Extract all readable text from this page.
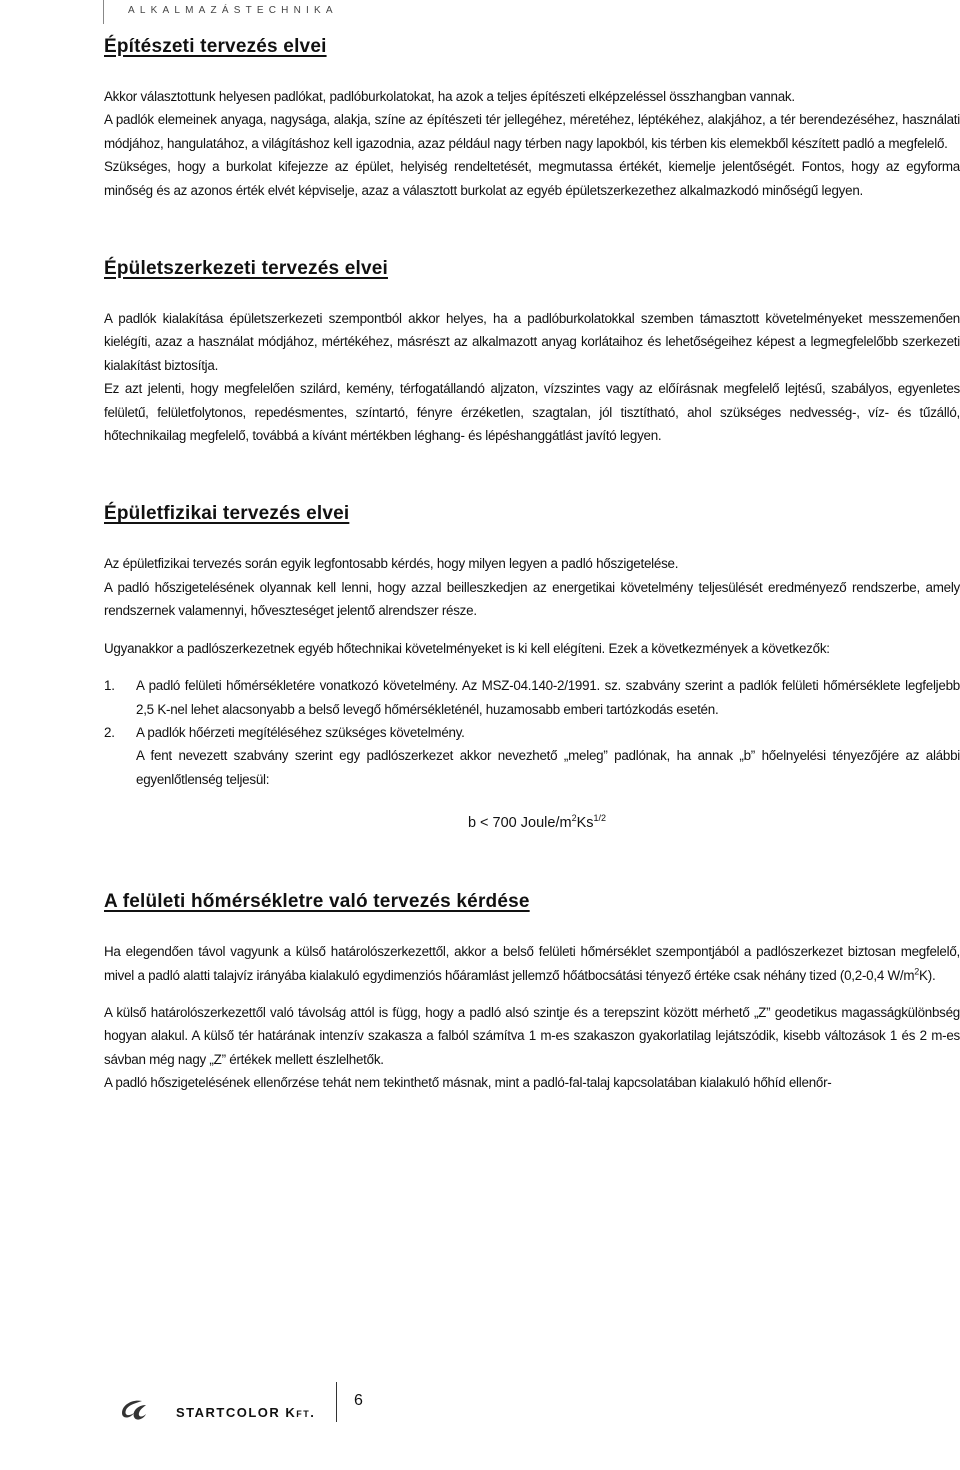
ALKALMAZÁSTECHNIKA
Építészeti tervezés elvei

Akkor választottunk helyesen padlókat, padlóburkolatokat, ha azok a teljes építészeti elképzeléssel összhangban vannak.

A padlók elemeinek anyaga, nagysága, alakja, színe az építészeti tér jellegéhez, méretéhez, léptékéhez, alakjához, a tér berendezéséhez, használati módjához, hangulatához, a világításhoz kell igazodnia, azaz például nagy térben nagy lapokból, kis térben kis elemekből készített padló a megfelelő.

Szükséges, hogy a burkolat kifejezze az épület, helyiség rendeltetését, megmutassa értékét, kiemelje jelentőségét. Fontos, hogy az egyforma minőség és az azonos érték elvét képviselje, azaz a választott burkolat az egyéb épületszerkezethez alkalmazkodó minőségű legyen.

Épületszerkezeti tervezés elvei

A padlók kialakítása épületszerkezeti szempontból akkor helyes, ha a padlóburkolatokkal szemben támasztott követelményeket messzemenően kielégíti, azaz a használat módjához, mértékéhez, másrészt az alkalmazott anyag korlátaihoz és lehetőségeihez képest a legmegfelelőbb szerkezeti kialakítást biztosítja.

Ez azt jelenti, hogy megfelelően szilárd, kemény, térfogatállandó aljzaton, vízszintes vagy az előírásnak megfelelő lejtésű, szabályos, egyenletes felületű, felületfolytonos, repedésmentes, színtartó, fényre érzéketlen, szagtalan, jól tisztítható, ahol szükséges nedvesség-, víz- és tűzálló, hőtechnikailag megfelelő, továbbá a kívánt mértékben léghang- és lépéshanggátlást javító legyen.

Épületfizikai tervezés elvei

Az épületfizikai tervezés során egyik legfontosabb kérdés, hogy milyen legyen a padló hőszigetelése.

A padló hőszigetelésének olyannak kell lenni, hogy azzal beilleszkedjen az energetikai követelmény teljesülését eredményező rendszerbe, amely rendszernek valamennyi, hőveszteséget jelentő alrendszer része.

Ugyanakkor a padlószerkezetnek egyéb hőtechnikai követelményeket is ki kell elégíteni. Ezek a következmények a következők:

1.	A padló felületi hőmérsékletére vonatkozó követelmény. Az MSZ-04.140-2/1991. sz. szabvány szerint a padlók felületi hőmérséklete legfeljebb 2,5 K-nel lehet alacsonyabb a belső levegő hőmérsékleténél, huzamosabb emberi tartózkodás esetén.
2.	A padlók hőérzeti megítéléséhez szükséges követelmény.
A fent nevezett szabvány szerint egy padlószerkezet akkor nevezhető „meleg” padlónak, ha annak „b” hőelnyelési tényezőjére az alábbi egyenlőtlenség teljesül:
b < 700 Joule/$m^2Ks^{1/2}$
A felületi hőmérsékletre való tervezés kérdése

Ha elegendően távol vagyunk a külső határolószerkezettől, akkor a belső felületi hőmérséklet szempontjából a padlószerkezet biztosan megfelelő, mivel a padló alatti talajvíz irányába kialakuló egydimenziós hőáramlást jellemző hőátbocsátási tényező értéke csak néhány tized (0,2-0,4 $W/m^2K$).

A külső határolószerkezettől való távolság attól is függ, hogy a padló alsó szintje és a terepszint között mérhető „Z” geodetikus magasságkülönbség hogyan alakul. A külső tér határának intenzív szakasza a falból számítva 1 m-es szakaszon gyakorlatilag lejátszódik, kisebb változások 1 és 2 m-es sávban még nagy „Z” értékek mellett észlelhetők.

A padló hőszigetelésének ellenőrzése tehát nem tekinthető másnak, mint a padló-fal-talaj kapcsolatában kialakuló hőhíd ellenőr-

STARTCOLOR Kft.
6
